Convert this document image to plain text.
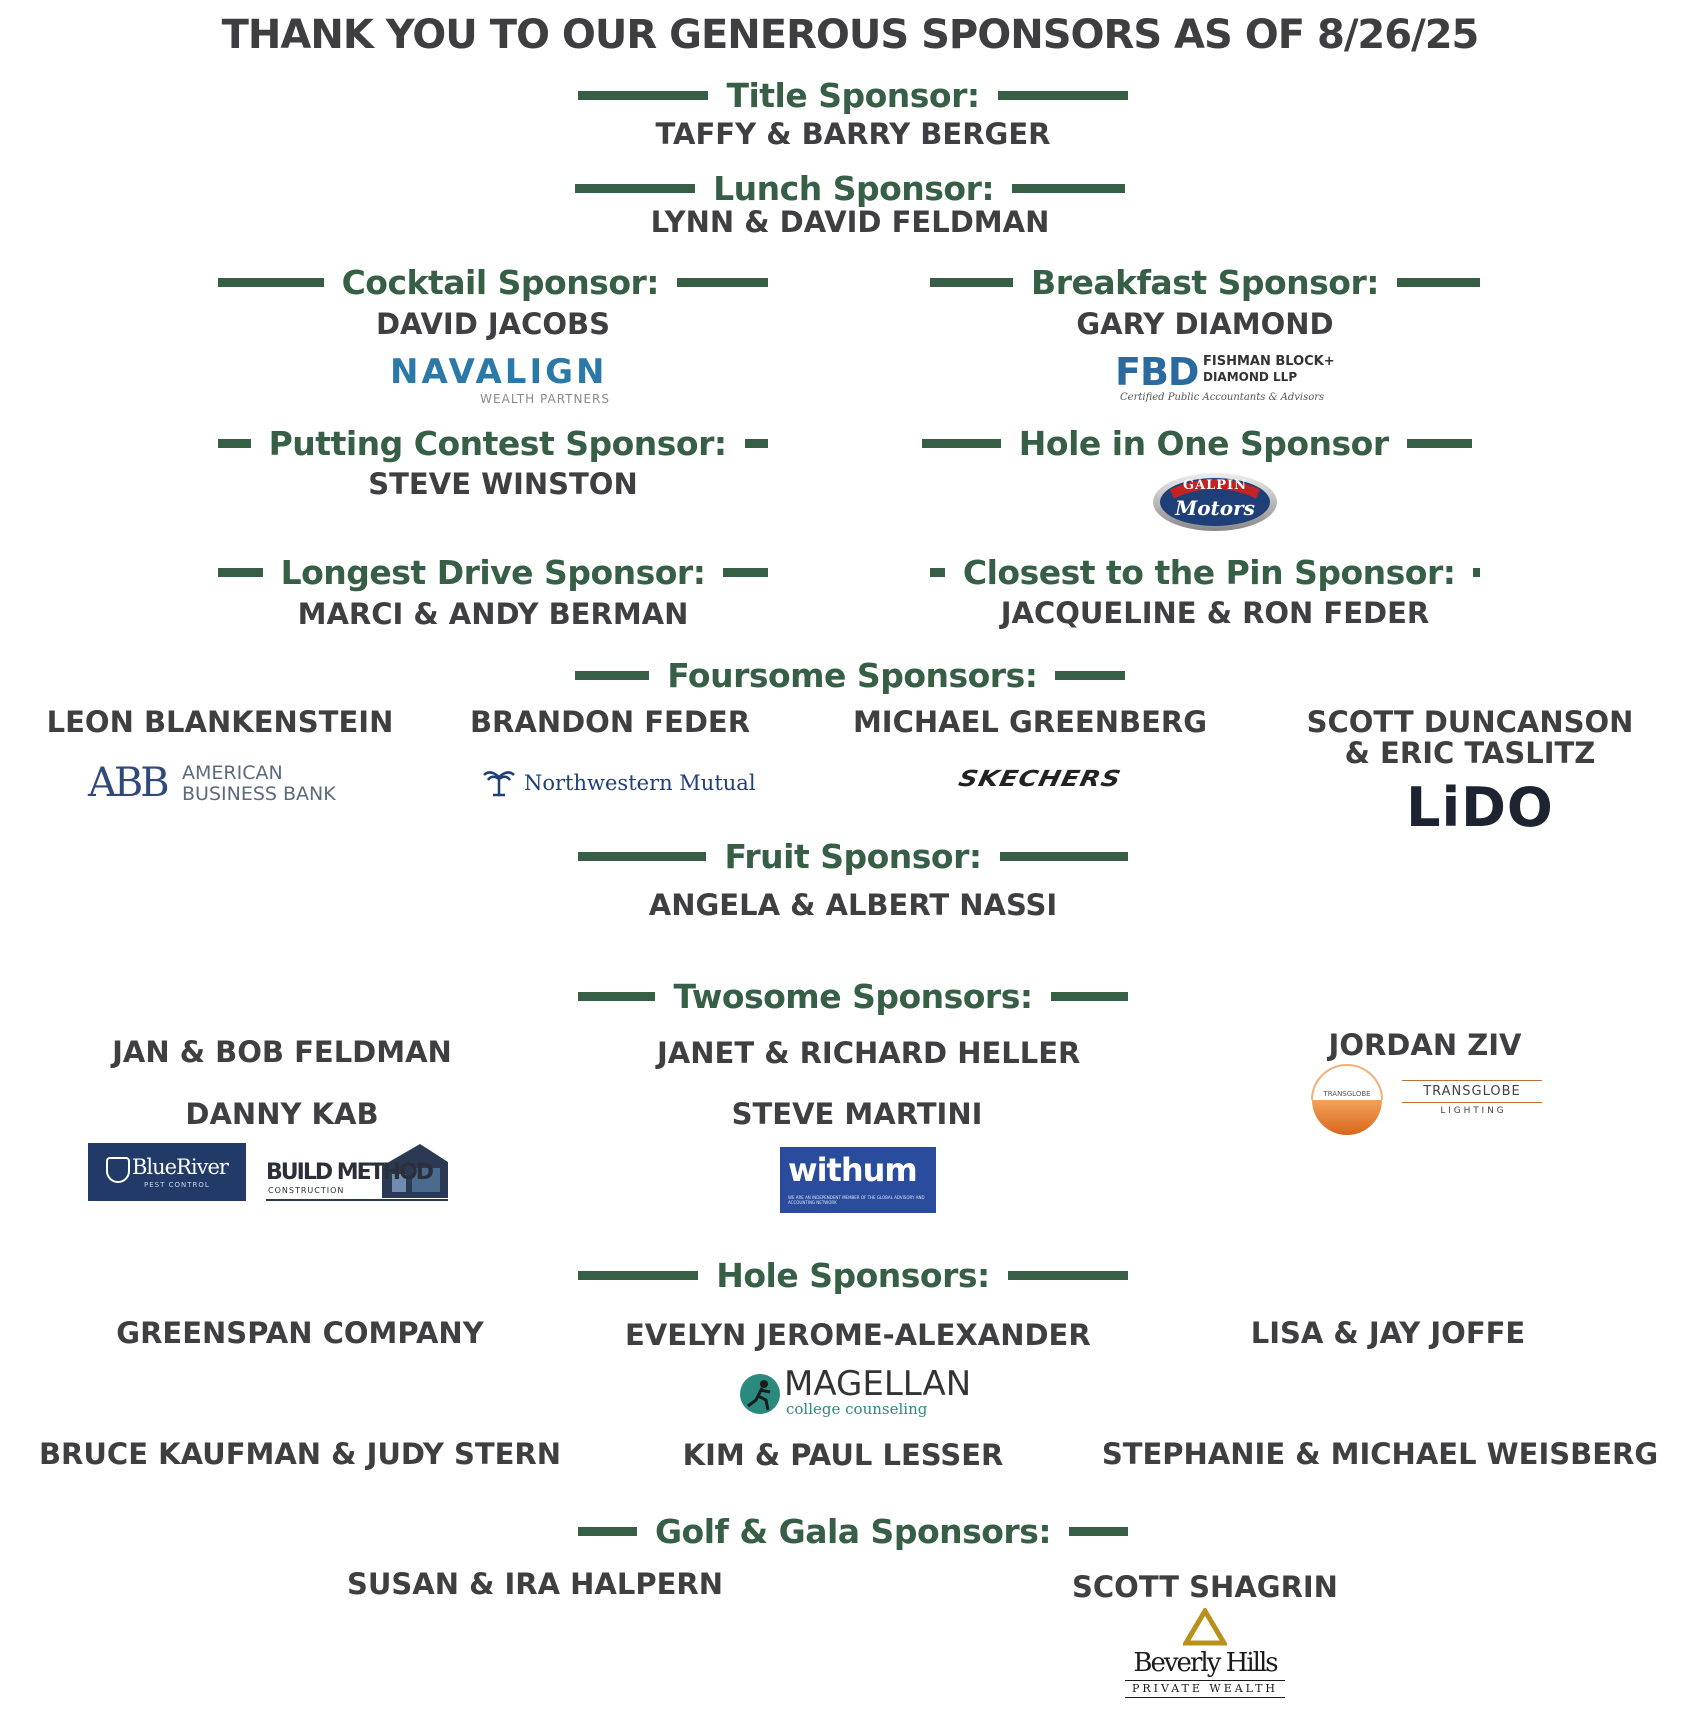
THANK YOU TO OUR GENEROUS SPONSORS AS OF 8/26/25
Title Sponsor:
TAFFY & BARRY BERGER
Lunch Sponsor:
LYNN & DAVID FELDMAN
Cocktail Sponsor:
DAVID JACOBS
NAVALIGN
WEALTH PARTNERS
Breakfast Sponsor:
GARY DIAMOND
FBD FISHMAN BLOCK+
DIAMOND LLP
Certified Public Accountants & Advisors
Putting Contest Sponsor:
STEVE WINSTON
Hole in One Sponsor
GALPIN
Motors
Longest Drive Sponsor:
MARCI & ANDY BERMAN
Closest to the Pin Sponsor:
JACQUELINE & RON FEDER
Foursome Sponsors:
LEON BLANKENSTEIN	BRANDON FEDER	MICHAEL GREENBERG	SCOTT DUNCANSON
& ERIC TASLITZ
ABB AMERICAN
BUSINESS BANK	Northwestern Mutual	SKECHERS	LiDO
Fruit Sponsor:
ANGELA & ALBERT NASSI
Twosome Sponsors:
JAN & BOB FELDMAN	JANET & RICHARD HELLER	JORDAN ZIV
DANNY KAB	STEVE MARTINI
BlueRiver
PEST CONTROL	BUILD METHOD
CONSTRUCTION
withum
WE ARE AN INDEPENDENT MEMBER OF THE GLOBAL ADVISORY AND ACCOUNTING NETWORK
TRANSGLOBE	TRANSGLOBE
L I G H T I N G
Hole Sponsors:
GREENSPAN COMPANY	EVELYN JEROME-ALEXANDER	LISA & JAY JOFFE
BRUCE KAUFMAN & JUDY STERN	KIM & PAUL LESSER	STEPHANIE & MICHAEL WEISBERG
MAGELLAN
college counseling
Golf & Gala Sponsors:
SUSAN & IRA HALPERN	SCOTT SHAGRIN
Beverly Hills
PRIVATE WEALTH
